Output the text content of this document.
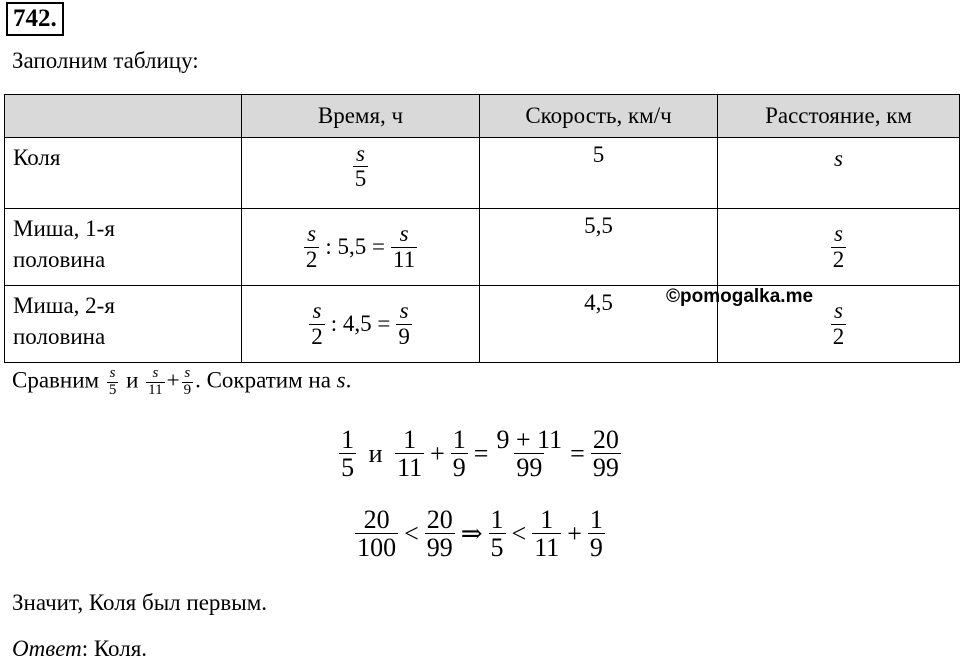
742.
Заполним таблицу:
	Время, ч	Скорость, км/ч	Расстояние, км
Коля	$\frac{s}{5}$	5	s
Миша, 1-я
половина	$\frac{s}{2}$ : $5,5 = \frac{s}{11}$	5,5	$\frac{s}{2}$

Миша, 2-я
половина	$\frac{s}{2}$ : $4,5 = \frac{s}{9}$	4,5	$\frac{s}{2}$
©pomogalka.me
Сравним $\frac{s}{5}$ и $\frac{s}{11} + \frac{s}{9}$ . Сократим на s.
$\frac{1}{5}$ и $\frac{1}{11} + \frac{1}{9} = \frac{9 + 11}{99} = \frac{20}{99}$
$\frac{20}{100} < \frac{20}{99}$ ⇒ $\frac{1}{5} < \frac{1}{11} + \frac{1}{9}$
Значит, Коля был первым.
Ответ: Коля.
